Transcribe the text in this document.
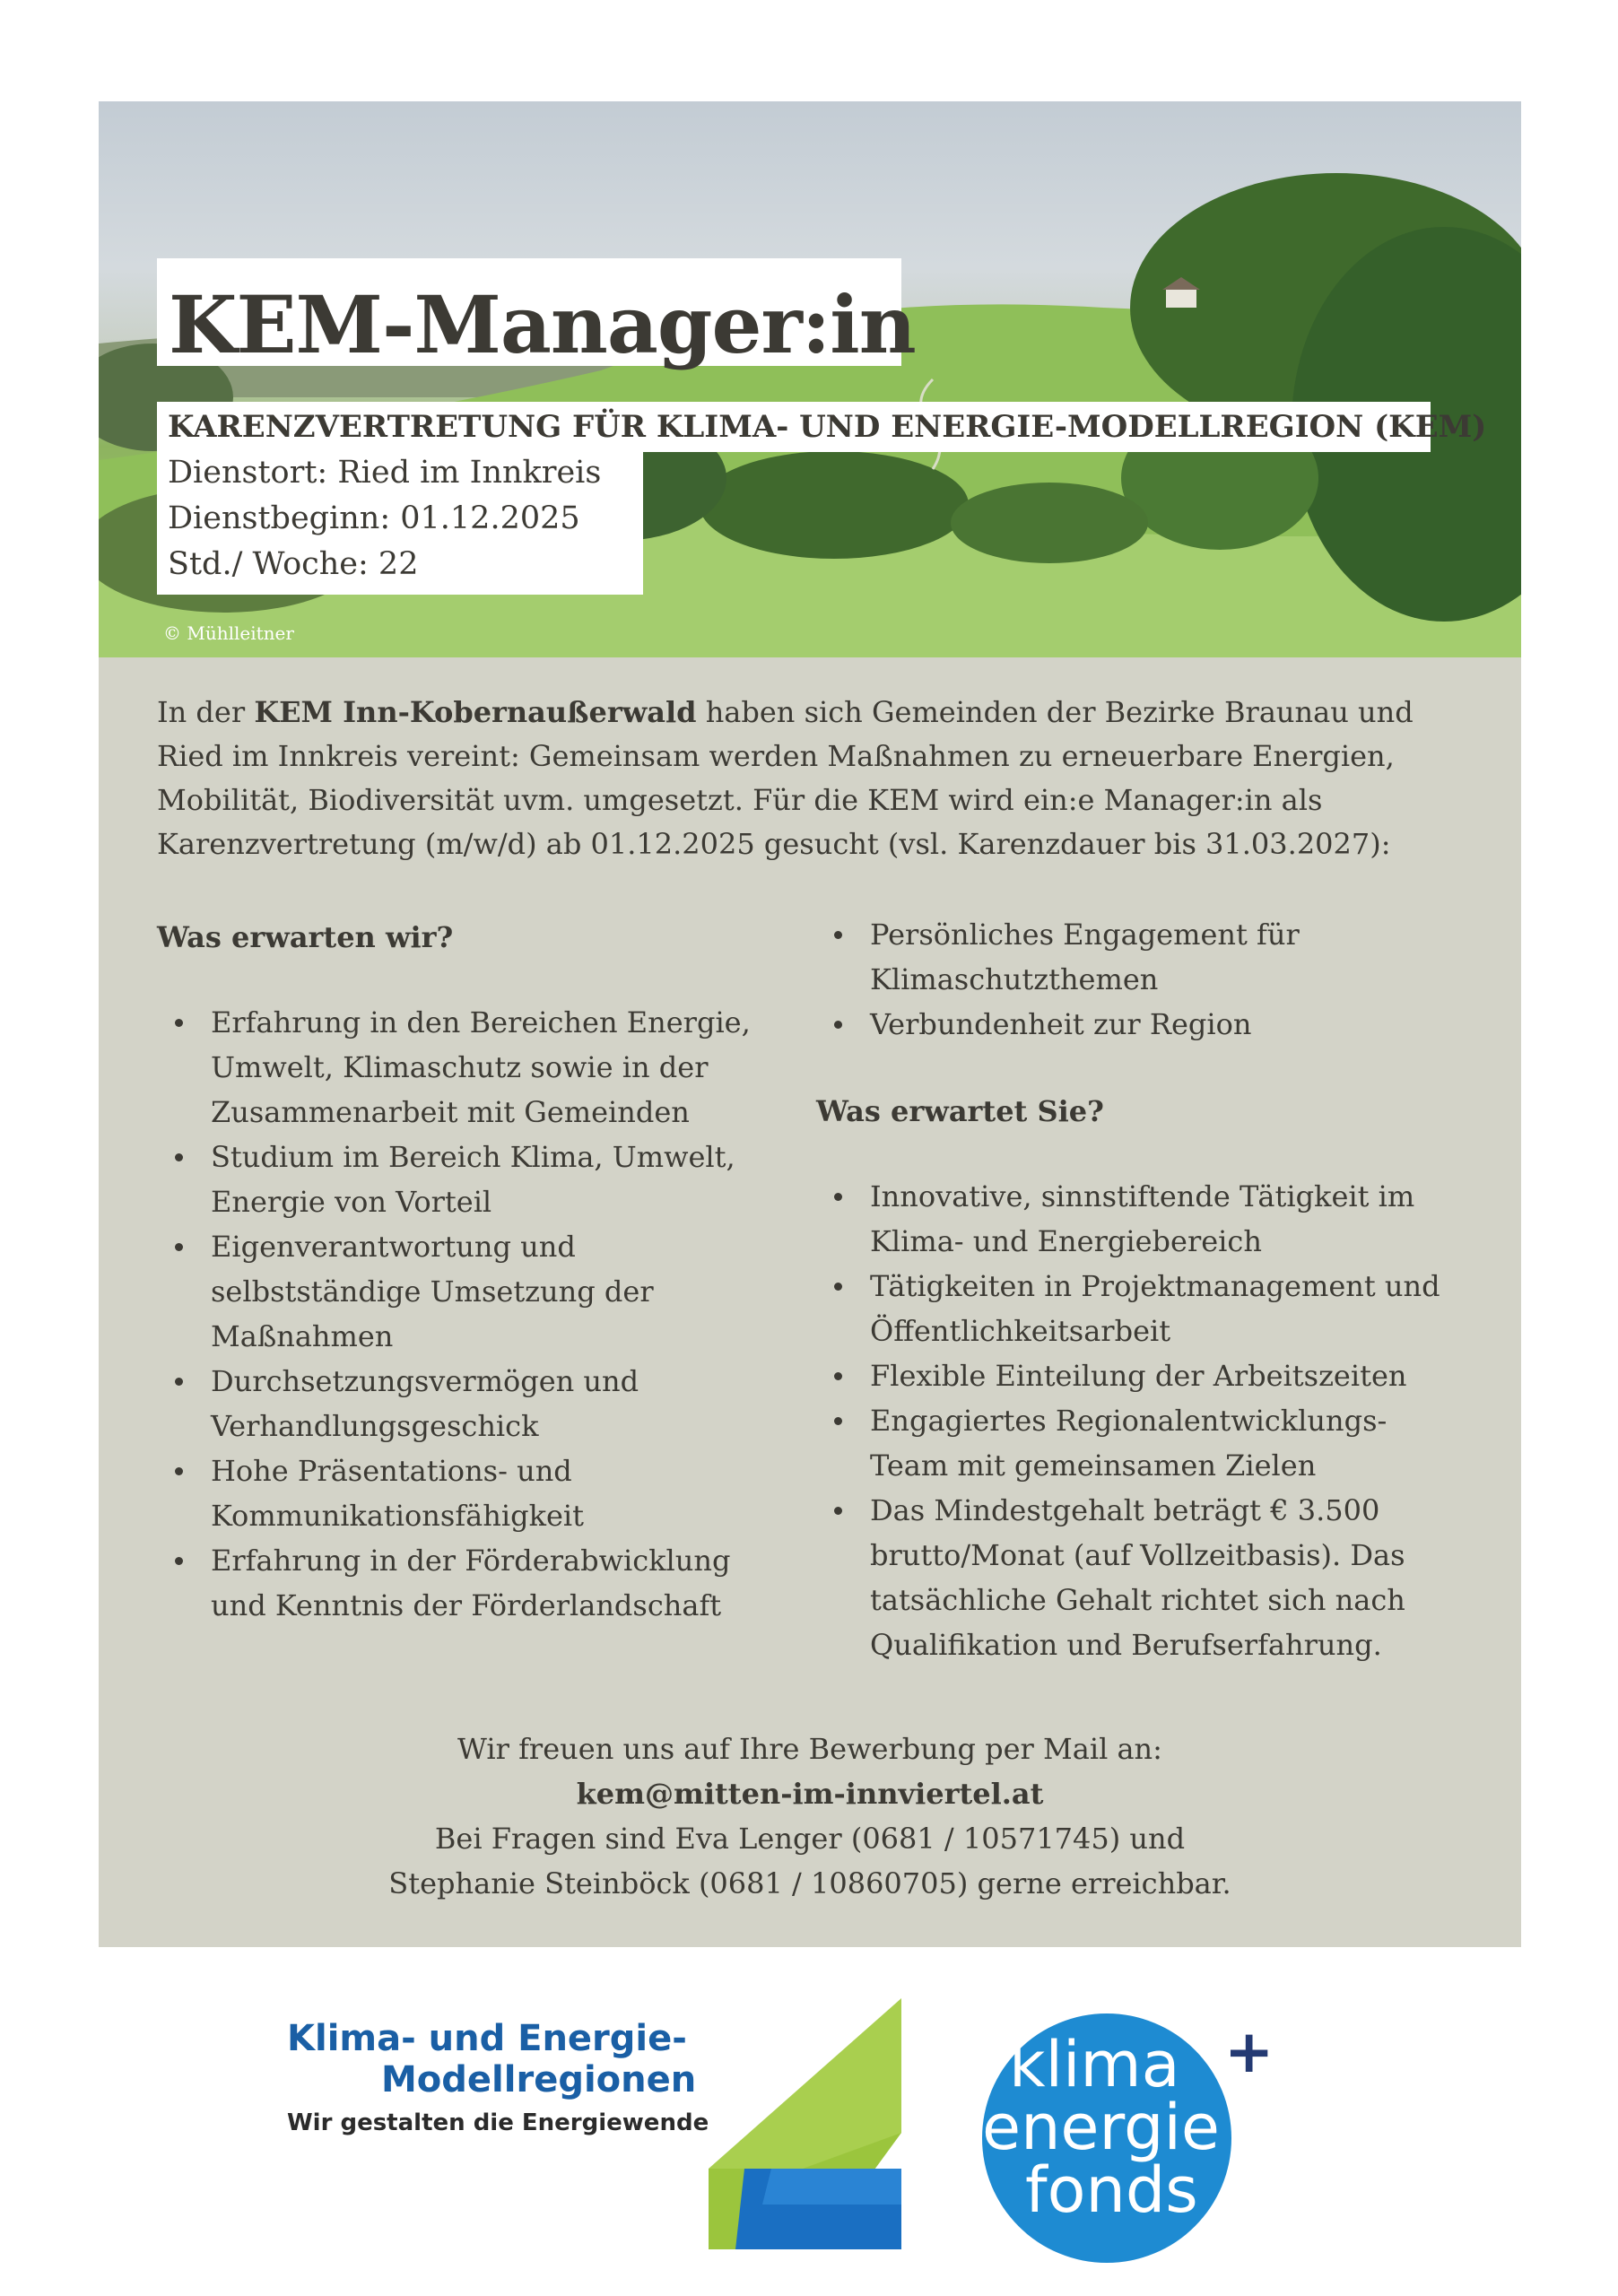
KEM-Manager:in
KARENZVERTRETUNG FÜR KLIMA- UND ENERGIE-MODELLREGION (KEM)
Dienstort: Ried im Innkreis
Dienstbeginn: 01.12.2025
Std./ Woche: 22
© Mühlleitner

In der KEM Inn-Kobernaußerwald haben sich Gemeinden der Bezirke Braunau und Ried im Innkreis vereint: Gemeinsam werden Maßnahmen zu erneuerbare Energien, Mobilität, Biodiversität uvm. umgesetzt. Für die KEM wird ein:e Manager:in als Karenzvertretung (m/w/d) ab 01.12.2025 gesucht (vsl. Karenzdauer bis 31.03.2027):

Was erwarten wir?

Erfahrung in den Bereichen Energie, Umwelt, Klimaschutz sowie in der Zusammenarbeit mit Gemeinden
Studium im Bereich Klima, Umwelt, Energie von Vorteil
Eigenverantwortung und selbstständige Umsetzung der Maßnahmen
Durchsetzungsvermögen und Verhandlungsgeschick
Hohe Präsentations- und Kommunikationsfähigkeit
Erfahrung in der Förderabwicklung und Kenntnis der Förderlandschaft
Persönliches Engagement für Klimaschutzthemen
Verbundenheit zur Region

Was erwartet Sie?

Innovative, sinnstiftende Tätigkeit im Klima- und Energiebereich
Tätigkeiten in Projektmanagement und Öffentlichkeitsarbeit
Flexible Einteilung der Arbeitszeiten
Engagiertes Regionalentwicklungs-Team mit gemeinsamen Zielen
Das Mindestgehalt beträgt € 3.500 brutto/Monat (auf Vollzeitbasis). Das tatsächliche Gehalt richtet sich nach Qualifikation und Berufserfahrung.
Wir freuen uns auf Ihre Bewerbung per Mail an:
kem@mitten-im-innviertel.at
Bei Fragen sind Eva Lenger (0681 / 10571745) und
Stephanie Steinböck (0681 / 10860705) gerne erreichbar.
Klima- und Energie-
Modellregionen
Wir gestalten die Energiewende
klima
energie
fonds
+
